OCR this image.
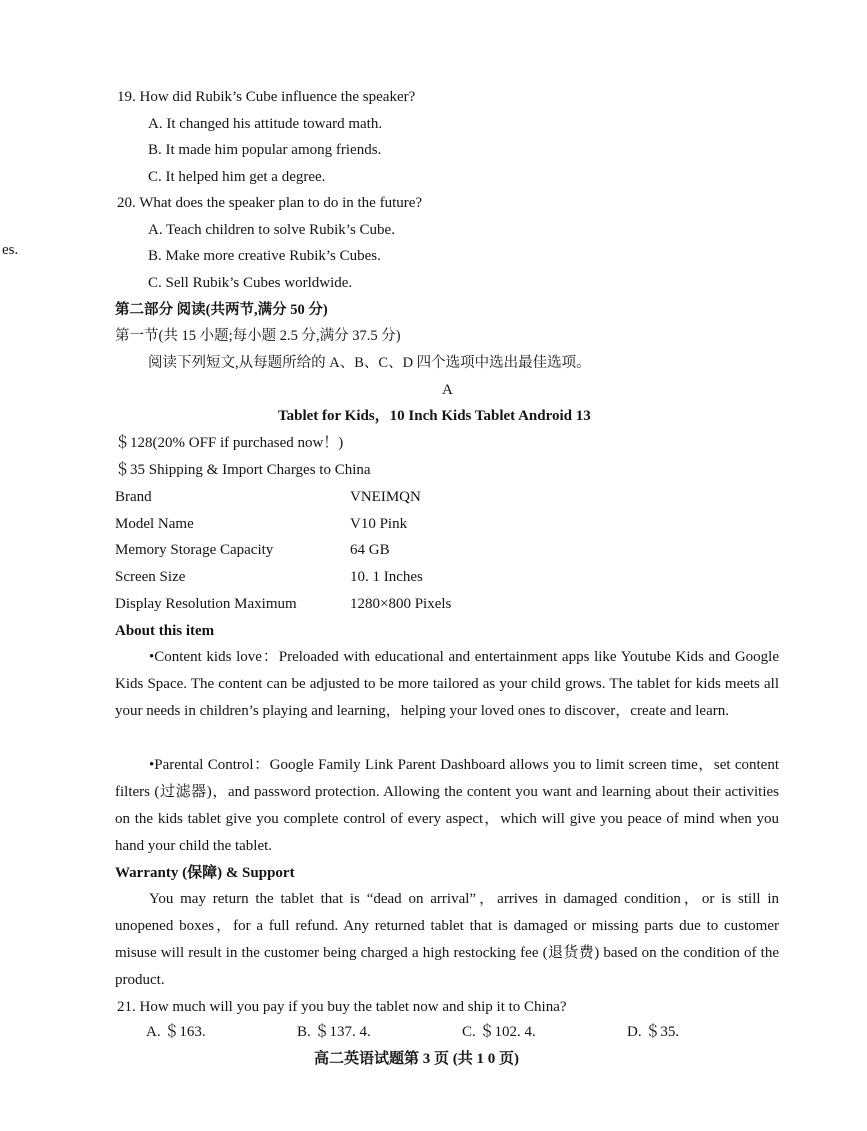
es.
19. How did Rubik’s Cube influence the speaker?
A. It changed his attitude toward math.
B. It made him popular among friends.
C. It helped him get a degree.
20. What does the speaker plan to do in the future?
A. Teach children to solve Rubik’s Cube.
B. Make more creative Rubik’s Cubes.
C. Sell Rubik’s Cubes worldwide.
第二部分 阅读(共两节,满分 50 分)
第一节(共 15 小题;每小题 2.5 分,满分 37.5 分)
阅读下列短文,从每题所给的 A、B、C、D 四个选项中选出最佳选项。
A
Tablet for Kids，10 Inch Kids Tablet Android 13
＄128(20% OFF if purchased now！)
＄35 Shipping & Import Charges to China
Brand	VNEIMQN
Model Name	V10 Pink
Memory Storage Capacity	64 GB
Screen Size	10. 1 Inches
Display Resolution Maximum	1280×800 Pixels
About this item

•Content kids love：Preloaded with educational and entertainment apps like Youtube Kids and Google Kids Space. The content can be adjusted to be more tailored as your child grows. The tablet for kids meets all your needs in children’s playing and learning，helping your loved ones to discover，create and learn.

•Parental Control：Google Family Link Parent Dashboard allows you to limit screen time，set content filters (过滤器)，and password protection. Allowing the content you want and learning about their activities on the kids tablet give you complete control of every aspect，which will give you peace of mind when you hand your child the tablet.

Warranty (保障) & Support

You may return the tablet that is “dead on arrival”，arrives in damaged condition，or is still in unopened boxes，for a full refund. Any returned tablet that is damaged or missing parts due to customer misuse will result in the customer being charged a high restocking fee (退货费) based on the condition of the product.

21. How much will you pay if you buy the tablet now and ship it to China?
A. ＄163.	B. ＄137. 4.	C. ＄102. 4.	D. ＄35.
高二英语试题第 3 页 (共 1 0 页)
